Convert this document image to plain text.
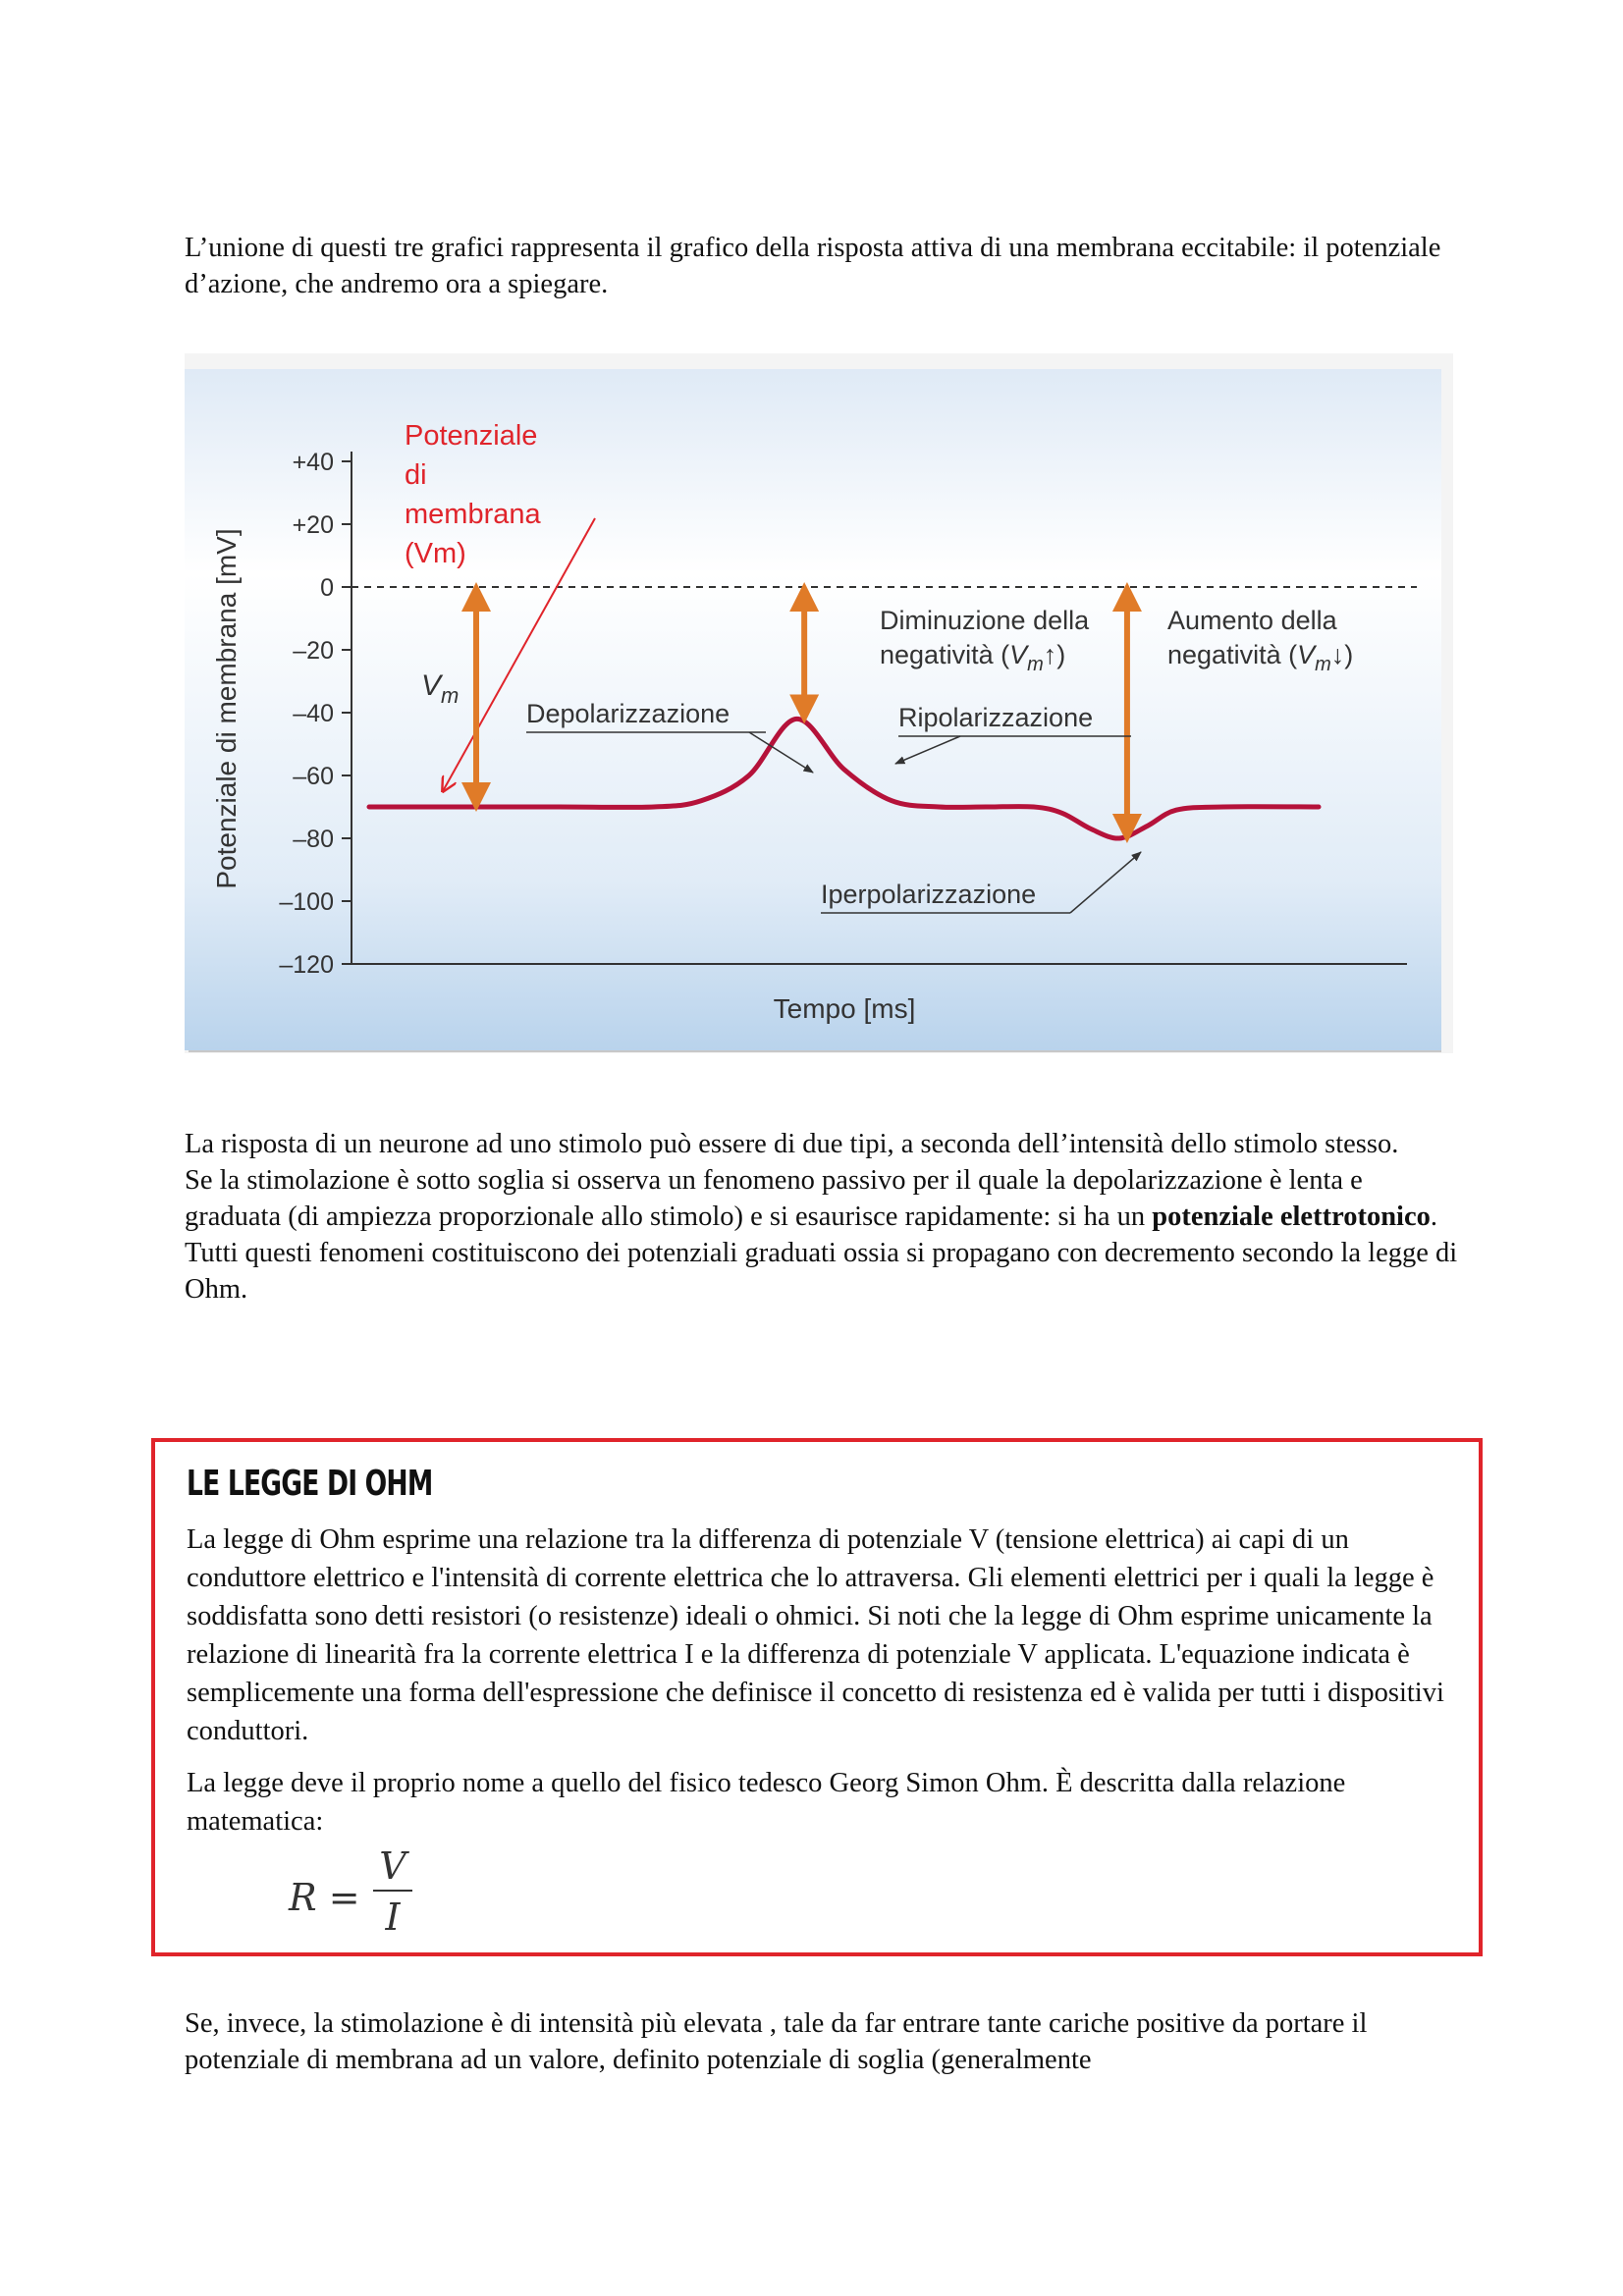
L’unione di questi tre grafici rappresenta il grafico della risposta attiva di una membrana eccitabile: il potenziale d’azione, che andremo ora a spiegare.

+40
+20
0
–20
–40
–60
–80
–100
–120
Potenziale di membrana [mV]
Tempo [ms]
Potenziale
di
membrana
(Vm)
$V_m$
Depolarizzazione	Ripolarizzazione
Iperpolarizzazione
Diminuzione della
negatività $(V_m↑)$
Aumento della
negatività $(V_m↓)$

La risposta di un neurone ad uno stimolo può essere di due tipi, a seconda dell’intensità dello stimolo stesso.

Se la stimolazione è sotto soglia si osserva un fenomeno passivo per il quale la depolarizzazione è lenta e graduata (di ampiezza proporzionale allo stimolo) e si esaurisce rapidamente: si ha un potenziale elettrotonico.

Tutti questi fenomeni costituiscono dei potenziali graduati ossia si propagano con decremento secondo la legge di Ohm.

LE LEGGE DI OHM

La legge di Ohm esprime una relazione tra la differenza di potenziale V (tensione elettrica) ai capi di un conduttore elettrico e l'intensità di corrente elettrica che lo attraversa. Gli elementi elettrici per i quali la legge è soddisfatta sono detti resistori (o resistenze) ideali o ohmici. Si noti che la legge di Ohm esprime unicamente la relazione di linearità fra la corrente elettrica I e la differenza di potenziale V applicata. L'equazione indicata è semplicemente una forma dell'espressione che definisce il concetto di resistenza ed è valida per tutti i dispositivi conduttori.

La legge deve il proprio nome a quello del fisico tedesco Georg Simon Ohm. È descritta dalla relazione matematica:

R =
V
I

Se, invece, la stimolazione è di intensità più elevata , tale da far entrare tante cariche positive da portare il potenziale di membrana ad un valore, definito potenziale di soglia (generalmente
